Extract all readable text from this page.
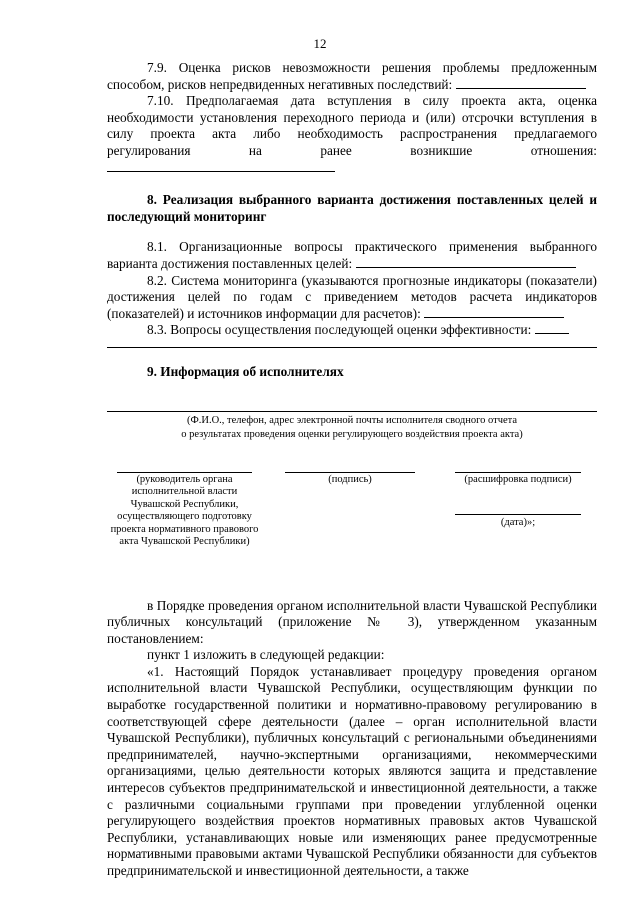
12

7.9. Оценка рисков невозможности решения проблемы предложенным способом, рисков непредвиденных негативных последствий:

7.10. Предполагаемая дата вступления в силу проекта акта, оценка необходимости установления переходного периода и (или) отсрочки вступления в силу проекта акта либо необходимость распространения предлагаемого регулирования на ранее возникшие отношения:

8. Реализация выбранного варианта достижения поставленных целей и последующий мониторинг

8.1. Организационные вопросы практического применения выбранного варианта достижения поставленных целей:

8.2. Система мониторинга (указываются прогнозные индикаторы (показатели) достижения целей по годам с приведением методов расчета индикаторов (показателей) и источников информации для расчетов):

8.3. Вопросы осуществления последующей оценки эффективности:

9. Информация об исполнителях

(Ф.И.О., телефон, адрес электронной почты исполнителя сводного отчета
о результатах проведения оценки регулирующего воздействия проекта акта)
(руководитель органа исполнительной власти Чувашской Республики, осуществляющего подготовку проекта нормативного правового акта Чувашской Республики)
(подпись)	(расшифровка подписи)
(дата)»;

в Порядке проведения органом исполнительной власти Чувашской Республики публичных консультаций (приложение № 3), утвержденном указанным постановлением:

пункт 1 изложить в следующей редакции:

«1. Настоящий Порядок устанавливает процедуру проведения органом исполнительной власти Чувашской Республики, осуществляющим функции по выработке государственной политики и нормативно-правовому регулированию в соответствующей сфере деятельности (далее – орган исполнительной власти Чувашской Республики), публичных консультаций с региональными объединениями предпринимателей, научно-экспертными организациями, некоммерческими организациями, целью деятельности которых являются защита и представление интересов субъектов предпринимательской и инвестиционной деятельности, а также с различными социальными группами при проведении углубленной оценки регулирующего воздействия проектов нормативных правовых актов Чувашской Республики, устанавливающих новые или изменяющих ранее предусмотренные нормативными правовыми актами Чувашской Республики обязанности для субъектов предпринимательской и инвестиционной деятельности, а также
